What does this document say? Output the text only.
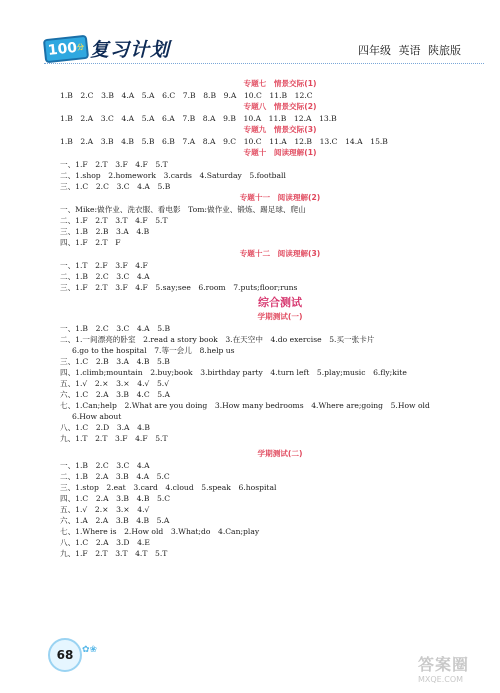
$100^分$ 复习计划	四年级 英语 陕旅版
专题七　情景交际(1)
1.B　2.C　3.B　4.A　5.A　6.C　7.B　8.B　9.A　10.C　11.B　12.C
专题八　情景交际(2)
1.B　2.A　3.C　4.A　5.A　6.A　7.B　8.A　9.B　10.A　11.B　12.A　13.B
专题九　情景交际(3)
1.B　2.A　3.B　4.B　5.B　6.B　7.A　8.A　9.C　10.C　11.A　12.B　13.C　14.A　15.B
专题十　阅读理解(1)
一、1.F　2.T　3.F　4.F　5.T
二、1.shop　2.homework　3.cards　4.Saturday　5.football
三、1.C　2.C　3.C　4.A　5.B
专题十一　阅读理解(2)
一、Mike:做作业、洗衣服、看电影　Tom:做作业、锻炼、踢足球、爬山
二、1.F　2.T　3.T　4.F　5.T
三、1.B　2.B　3.A　4.B
四、1.F　2.T　F
专题十二　阅读理解(3)
一、1.T　2.F　3.F　4.F
二、1.B　2.C　3.C　4.A
三、1.F　2.T　3.F　4.F　5.say;see　6.room　7.puts;floor;runs
综合测试
学期测试(一)
一、1.B　2.C　3.C　4.A　5.B
二、1.一间漂亮的卧室　2.read a story book　3.在天空中　4.do exercise　5.买一张卡片
6.go to the hospital　7.等一会儿　8.help us
三、1.C　2.B　3.A　4.B　5.B
四、1.climb;mountain　2.buy;book　3.birthday party　4.turn left　5.play;music　6.fly;kite
五、1.√　2.×　3.×　4.√　5.√
六、1.C　2.A　3.B　4.C　5.A
七、1.Can;help　2.What are you doing　3.How many bedrooms　4.Where are;going　5.How old
6.How about
八、1.C　2.D　3.A　4.B
九、1.T　2.T　3.F　4.F　5.T
学期测试(二)
一、1.B　2.C　3.C　4.A
二、1.B　2.A　3.B　4.A　5.C
三、1.stop　2.eat　3.card　4.cloud　5.speak　6.hospital
四、1.C　2.A　3.B　4.B　5.C
五、1.√　2.×　3.×　4.√
六、1.A　2.A　3.B　4.B　5.A
七、1.Where is　2.How old　3.What;do　4.Can;play
八、1.C　2.A　3.D　4.E
九、1.F　2.T　3.T　4.T　5.T
68 ✿❀
答案圈
MXQE.COM
